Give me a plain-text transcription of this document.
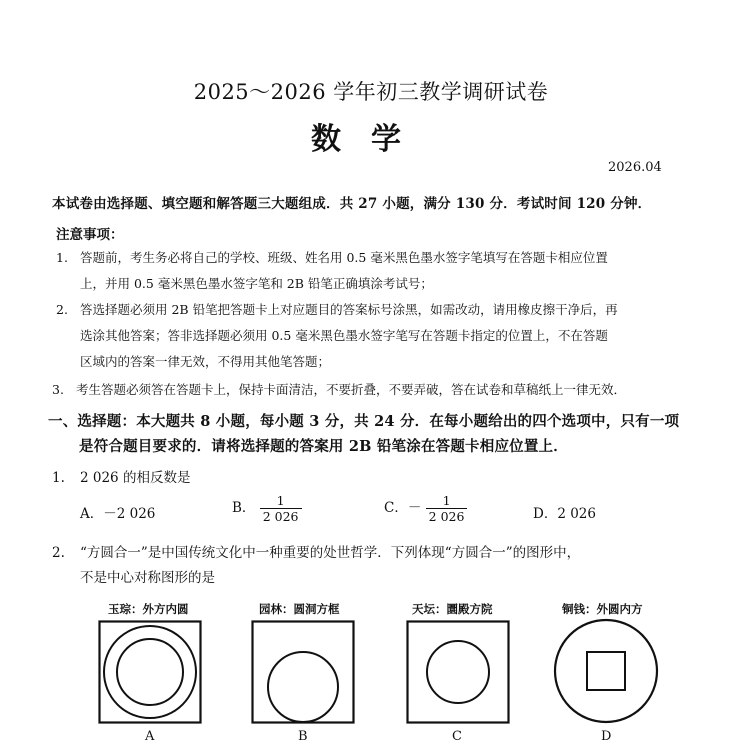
2025～2026 学年初三教学调研试卷
数学
2026.04
本试卷由选择题、填空题和解答题三大题组成．共 27 小题，满分 130 分．考试时间 120 分钟．
注意事项：
1. 答题前，考生务必将自己的学校、班级、姓名用 0.5 毫米黑色墨水签字笔填写在答题卡相应位置
上，并用 0.5 毫米黑色墨水签字笔和 2B 铅笔正确填涂考试号；
2. 答选择题必须用 2B 铅笔把答题卡上对应题目的答案标号涂黑，如需改动，请用橡皮擦干净后，再
选涂其他答案；答非选择题必须用 0.5 毫米黑色墨水签字笔写在答题卡指定的位置上，不在答题
区域内的答案一律无效，不得用其他笔答题；
3. 考生答题必须答在答题卡上，保持卡面清洁，不要折叠，不要弄破，答在试卷和草稿纸上一律无效．
一、选择题：本大题共 8 小题，每小题 3 分，共 24 分．在每小题给出的四个选项中，只有一项
是符合题目要求的．请将选择题的答案用 2B 铅笔涂在答题卡相应位置上．
1. 2 026 的相反数是
A．－2 026	B． $\frac{1}{2 026}$	C．－ $\frac{1}{2 026}$	D．2 026
2. “方圆合一”是中国传统文化中一种重要的处世哲学．下列体现“方圆合一”的图形中，
不是中心对称图形的是
玉琮：外方内圆	园林：圆洞方框	天坛：圜殿方院	铜钱：外圆内方
A	B	C	D
